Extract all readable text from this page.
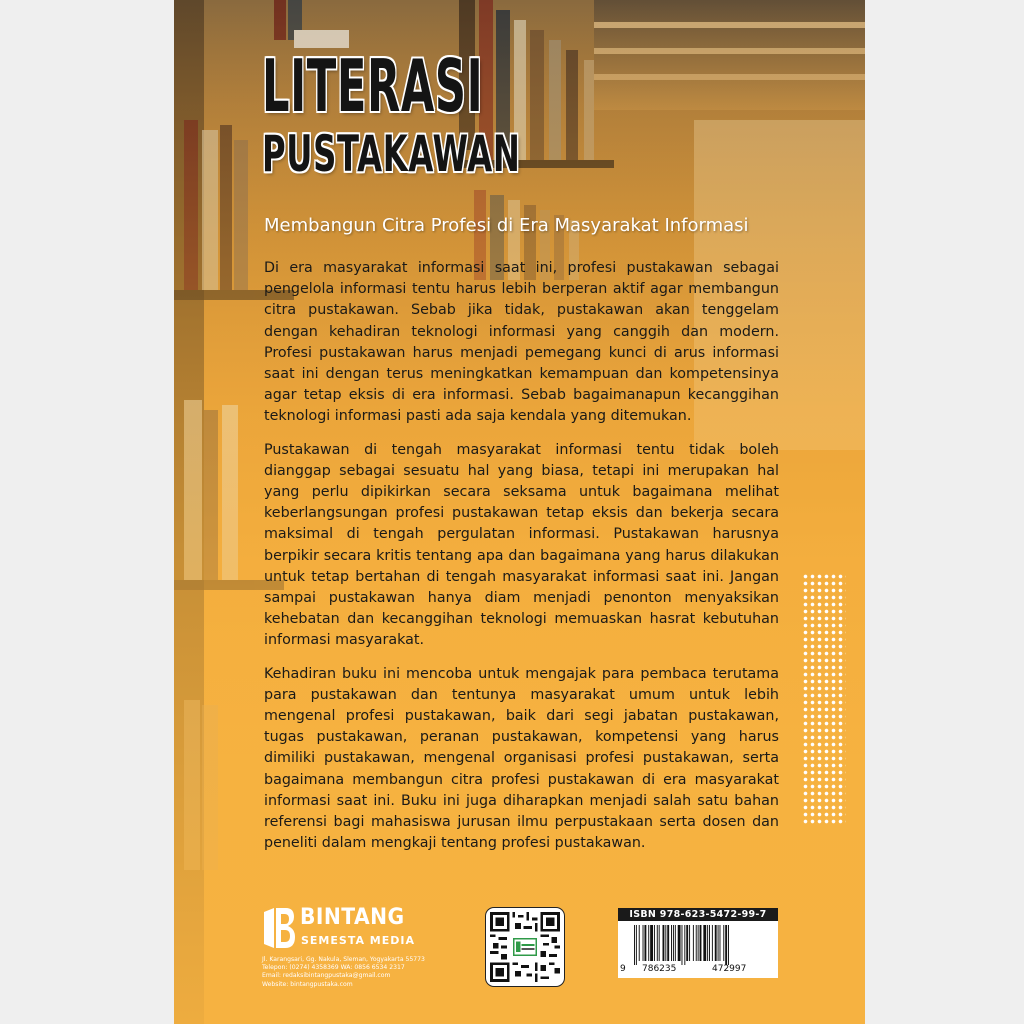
LITERASI
PUSTAKAWAN
Membangun Citra Profesi di Era Masyarakat Informasi

Di era masyarakat informasi saat ini, profesi pustakawan sebagai pengelola informasi tentu harus lebih berperan aktif agar membangun citra pustakawan. Sebab jika tidak, pustakawan akan tenggelam dengan kehadiran teknologi informasi yang canggih dan modern. Profesi pustakawan harus menjadi pemegang kunci di arus informasi saat ini dengan terus meningkatkan kemampuan dan kompetensinya agar tetap eksis di era informasi. Sebab bagaimanapun kecanggihan teknologi informasi pasti ada saja kendala yang ditemukan.

Pustakawan di tengah masyarakat informasi tentu tidak boleh dianggap sebagai sesuatu hal yang biasa, tetapi ini merupakan hal yang perlu dipikirkan secara seksama untuk bagaimana melihat keberlangsungan profesi pustakawan tetap eksis dan bekerja secara maksimal di tengah pergulatan informasi. Pustakawan harusnya berpikir secara kritis tentang apa dan bagaimana yang harus dilakukan untuk tetap bertahan di tengah masyarakat informasi saat ini. Jangan sampai pustakawan hanya diam menjadi penonton menyaksikan kehebatan dan kecanggihan teknologi memuaskan hasrat kebutuhan informasi masyarakat.

Kehadiran buku ini mencoba untuk mengajak para pembaca terutama para pustakawan dan tentunya masyarakat umum untuk lebih mengenal profesi pustakawan, baik dari segi jabatan pustakawan, tugas pustakawan, peranan pustakawan, kompetensi yang harus dimiliki pustakawan, mengenal organisasi profesi pustakawan, serta bagaimana membangun citra profesi pustakawan di era masyarakat informasi saat ini. Buku ini juga diharapkan menjadi salah satu bahan referensi bagi mahasiswa jurusan ilmu perpustakaan serta dosen dan peneliti dalam mengkaji tentang profesi pustakawan.

BINTANG
SEMESTA MEDIA
Jl. Karangsari, Gg. Nakula, Sleman, Yogyakarta 55773
Telepon: (0274) 4358369 WA: 0856 6534 2317
Email: redaksibintangpustaka@gmail.com
Website: bintangpustaka.com
ISBN 978-623-5472-99-7
9 786235	472997
